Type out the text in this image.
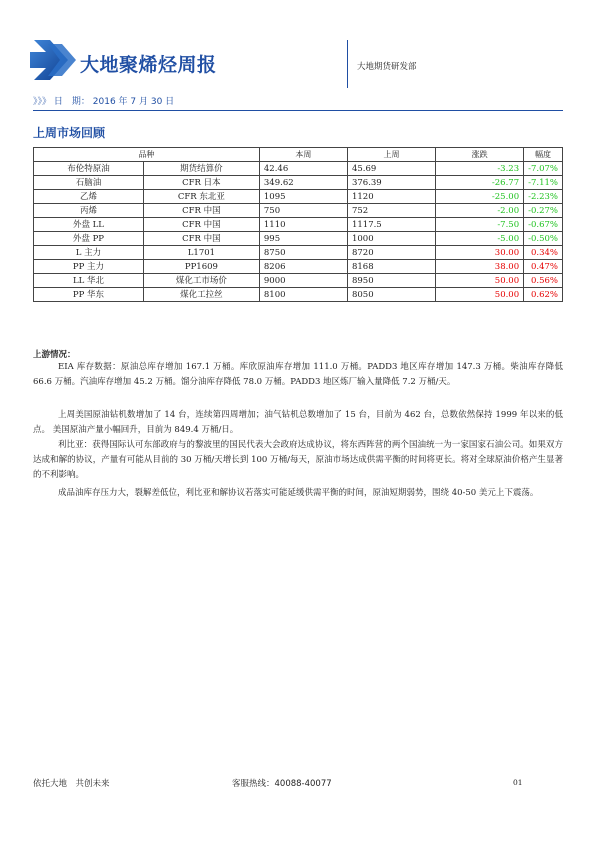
大地聚烯烃周报	大地期货研发部
》》》 日　期： 2016 年 7 月 30 日
上周市场回顾
品种		本周	上周	涨跌	幅度
布伦特原油	期货结算价	42.46	45.69	-3.23	-7.07%
石脑油	CFR 日本	349.62	376.39	-26.77	-7.11%
乙烯	CFR 东北亚	1095	1120	-25.00	-2.23%
丙烯	CFR 中国	750	752	-2.00	-0.27%
外盘 LL	CFR 中国	1110	1117.5	-7.50	-0.67%
外盘 PP	CFR 中国	995	1000	-5.00	-0.50%
L 主力	L1701	8750	8720	30.00	0.34%
PP 主力	PP1609	8206	8168	38.00	0.47%
LL 华北	煤化工市场价	9000	8950	50.00	0.56%
PP 华东	煤化工拉丝	8100	8050	50.00	0.62%
上游情况：

EIA 库存数据：原油总库存增加 167.1 万桶。库欣原油库存增加 111.0 万桶。PADD3 地区库存增加 147.3 万桶。柴油库存降低 66.6 万桶。汽油库存增加 45.2 万桶。馏分油库存降低 78.0 万桶。PADD3 地区炼厂输入量降低 7.2 万桶/天。

上周美国原油钻机数增加了 14 台，连续第四周增加；油气钻机总数增加了 15 台，目前为 462 台，总数依然保持 1999 年以来的低点。 美国原油产量小幅回升，目前为 849.4 万桶/日。

利比亚：获得国际认可东部政府与的黎波里的国民代表大会政府达成协议，将东西阵营的两个国油统一为一家国家石油公司。如果双方达成和解的协议，产量有可能从目前的 30 万桶/天增长到 100 万桶/每天，原油市场达成供需平衡的时间将更长。将对全球原油价格产生显著的不利影响。

成品油库存压力大，裂解差低位，利比亚和解协议若落实可能延缓供需平衡的时间，原油短期弱势，围绕 40-50 美元上下震荡。

依托大地　共创未来	客服热线：40088-40077	01
